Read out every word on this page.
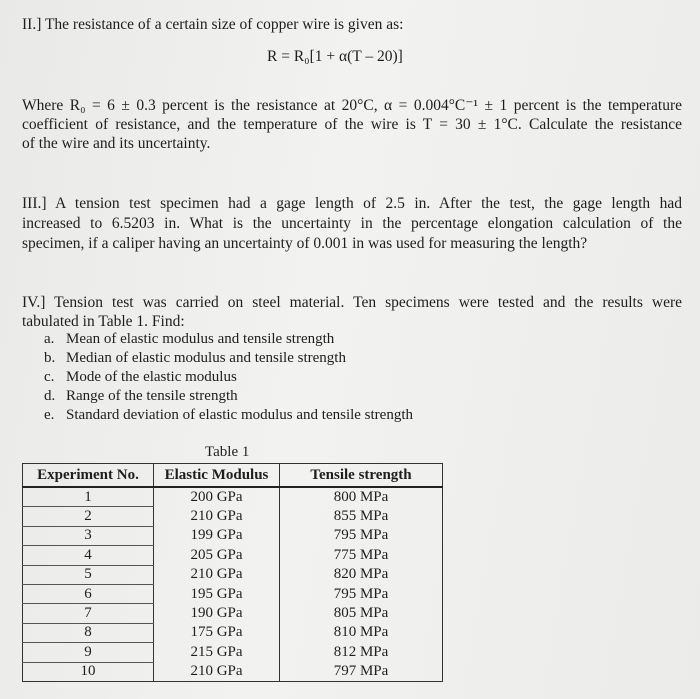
II.] The resistance of a certain size of copper wire is given as:
R = R₀[1 + α(T – 20)]
Where R₀ = 6 ± 0.3 percent is the resistance at 20°C, α = 0.004°C⁻¹ ± 1 percent is the temperature
coefficient of resistance, and the temperature of the wire is T = 30 ± 1°C. Calculate the resistance
of the wire and its uncertainty.
III.] A tension test specimen had a gage length of 2.5 in. After the test, the gage length had
increased to 6.5203 in. What is the uncertainty in the percentage elongation calculation of the
specimen, if a caliper having an uncertainty of 0.001 in was used for measuring the length?
IV.] Tension test was carried on steel material. Ten specimens were tested and the results were
tabulated in Table 1. Find:
a. Mean of elastic modulus and tensile strength
b. Median of elastic modulus and tensile strength
c. Mode of the elastic modulus
d. Range of the tensile strength
e. Standard deviation of elastic modulus and tensile strength
Table 1
Experiment No.	Elastic Modulus	Tensile strength
1	200 GPa	800 MPa
2	210 GPa	855 MPa
3	199 GPa	795 MPa
4	205 GPa	775 MPa
5	210 GPa	820 MPa
6	195 GPa	795 MPa
7	190 GPa	805 MPa
8	175 GPa	810 MPa
9	215 GPa	812 MPa
10	210 GPa	797 MPa
